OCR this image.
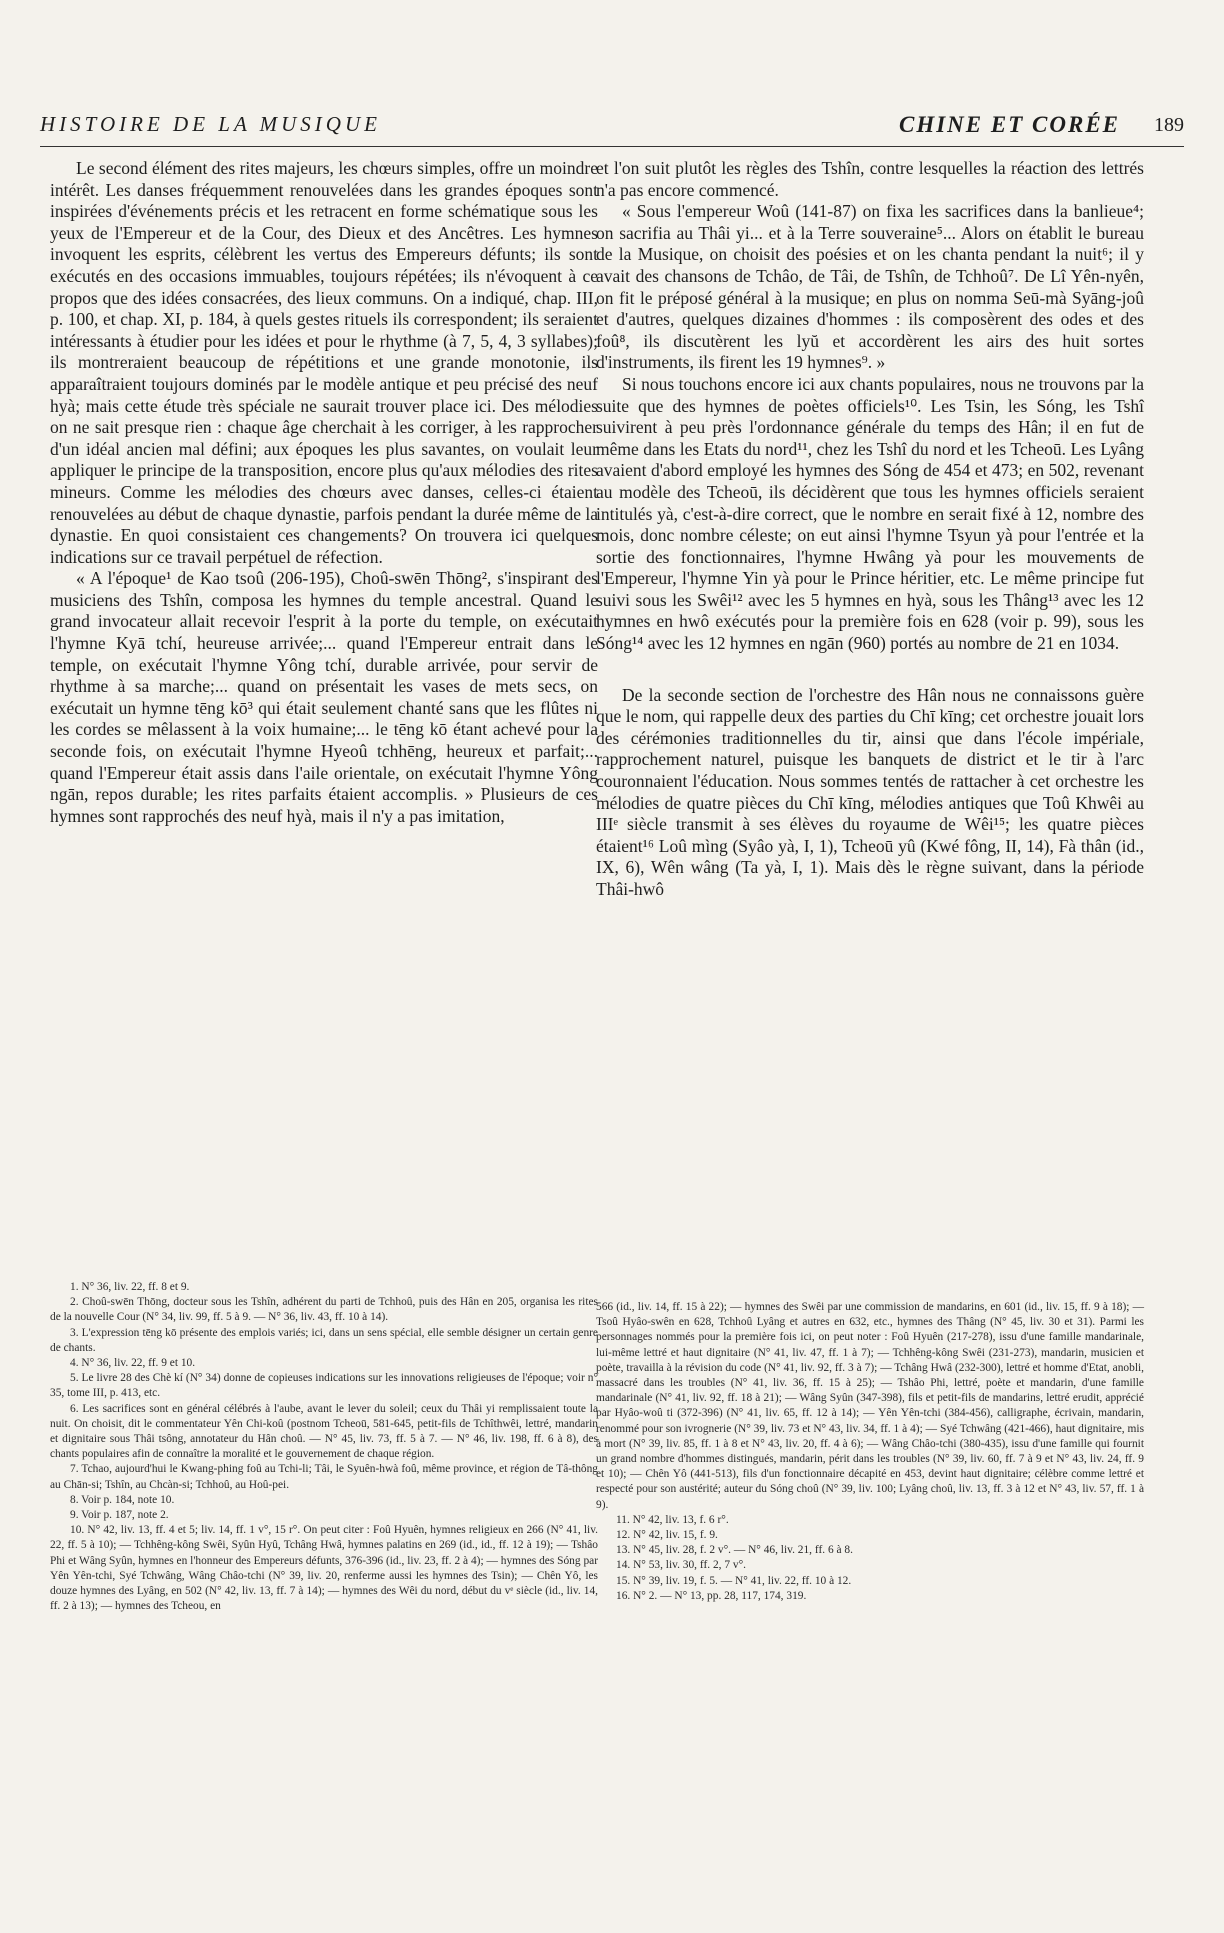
HISTOIRE DE LA MUSIQUE	CHINE ET CORÉE 189

Le second élément des rites majeurs, les chœurs simples, offre un moindre intérêt. Les danses fréquemment renouvelées dans les grandes époques sont inspirées d'événements précis et les retracent en forme schématique sous les yeux de l'Empereur et de la Cour, des Dieux et des Ancêtres. Les hymnes invoquent les esprits, célèbrent les vertus des Empereurs défunts; ils sont exécutés en des occasions immuables, toujours répétées; ils n'évoquent à ce propos que des idées consacrées, des lieux communs. On a indiqué, chap. III, p. 100, et chap. XI, p. 184, à quels gestes rituels ils correspondent; ils seraient intéressants à étudier pour les idées et pour le rhythme (à 7, 5, 4, 3 syllabes); ils montreraient beaucoup de répétitions et une grande monotonie, ils apparaîtraient toujours dominés par le modèle antique et peu précisé des neuf hyà; mais cette étude très spéciale ne saurait trouver place ici. Des mélodies on ne sait presque rien : chaque âge cherchait à les corriger, à les rapprocher d'un idéal ancien mal défini; aux époques les plus savantes, on voulait leur appliquer le principe de la transposition, encore plus qu'aux mélodies des rites mineurs. Comme les mélodies des chœurs avec danses, celles-ci étaient renouvelées au début de chaque dynastie, parfois pendant la durée même de la dynastie. En quoi consistaient ces changements? On trouvera ici quelques indications sur ce travail perpétuel de réfection.

« A l'époque¹ de Kao tsoû (206-195), Choû-swēn Thōng², s'inspirant des musiciens des Tshîn, composa les hymnes du temple ancestral. Quand le grand invocateur allait recevoir l'esprit à la porte du temple, on exécutait l'hymne Kyā tchí, heureuse arrivée;... quand l'Empereur entrait dans le temple, on exécutait l'hymne Yông tchí, durable arrivée, pour servir de rhythme à sa marche;... quand on présentait les vases de mets secs, on exécutait un hymne tēng kō³ qui était seulement chanté sans que les flûtes ni les cordes se mêlassent à la voix humaine;... le tēng kō étant achevé pour la seconde fois, on exécutait l'hymne Hyeoû tchhēng, heureux et parfait;... quand l'Empereur était assis dans l'aile orientale, on exécutait l'hymne Yông ngān, repos durable; les rites parfaits étaient accomplis. » Plusieurs de ces hymnes sont rapprochés des neuf hyà, mais il n'y a pas imitation,

et l'on suit plutôt les règles des Tshîn, contre lesquelles la réaction des lettrés n'a pas encore commencé.

« Sous l'empereur Woû (141-87) on fixa les sacrifices dans la banlieue⁴; on sacrifia au Thâi yi... et à la Terre souveraine⁵... Alors on établit le bureau de la Musique, on choisit des poésies et on les chanta pendant la nuit⁶; il y avait des chansons de Tchâo, de Tâi, de Tshîn, de Tchhoû⁷. De Lî Yên-nyên, on fit le préposé général à la musique; en plus on nomma Seū-mà Syāng-joû et d'autres, quelques dizaines d'hommes : ils composèrent des odes et des foû⁸, ils discutèrent les lyŭ et accordèrent les airs des huit sortes d'instruments, ils firent les 19 hymnes⁹. »

Si nous touchons encore ici aux chants populaires, nous ne trouvons par la suite que des hymnes de poètes officiels¹⁰. Les Tsin, les Sóng, les Tshî suivirent à peu près l'ordonnance générale du temps des Hân; il en fut de même dans les Etats du nord¹¹, chez les Tshî du nord et les Tcheoū. Les Lyâng avaient d'abord employé les hymnes des Sóng de 454 et 473; en 502, revenant au modèle des Tcheoū, ils décidèrent que tous les hymnes officiels seraient intitulés yà, c'est-à-dire correct, que le nombre en serait fixé à 12, nombre des mois, donc nombre céleste; on eut ainsi l'hymne Tsyun yà pour l'entrée et la sortie des fonctionnaires, l'hymne Hwâng yà pour les mouvements de l'Empereur, l'hymne Yin yà pour le Prince héritier, etc. Le même principe fut suivi sous les Swêi¹² avec les 5 hymnes en hyà, sous les Thâng¹³ avec les 12 hymnes en hwô exécutés pour la première fois en 628 (voir p. 99), sous les Sóng¹⁴ avec les 12 hymnes en ngān (960) portés au nombre de 21 en 1034.

De la seconde section de l'orchestre des Hân nous ne connaissons guère que le nom, qui rappelle deux des parties du Chī kīng; cet orchestre jouait lors des cérémonies traditionnelles du tir, ainsi que dans l'école impériale, rapprochement naturel, puisque les banquets de district et le tir à l'arc couronnaient l'éducation. Nous sommes tentés de rattacher à cet orchestre les mélodies de quatre pièces du Chī kīng, mélodies antiques que Toû Khwêi au IIIᵉ siècle transmit à ses élèves du royaume de Wêi¹⁵; les quatre pièces étaient¹⁶ Loû mìng (Syâo yà, I, 1), Tcheoū yû (Kwé fông, II, 14), Fà thân (id., IX, 6), Wên wâng (Ta yà, I, 1). Mais dès le règne suivant, dans la période Thâi-hwô

1. N° 36, liv. 22, ff. 8 et 9.

2. Choû-swēn Thōng, docteur sous les Tshîn, adhérent du parti de Tchhoû, puis des Hân en 205, organisa les rites de la nouvelle Cour (N° 34, liv. 99, ff. 5 à 9. — N° 36, liv. 43, ff. 10 à 14).

3. L'expression tēng kō présente des emplois variés; ici, dans un sens spécial, elle semble désigner un certain genre de chants.

4. N° 36, liv. 22, ff. 9 et 10.

5. Le livre 28 des Chè kí (N° 34) donne de copieuses indications sur les innovations religieuses de l'époque; voir n° 35, tome III, p. 413, etc.

6. Les sacrifices sont en général célébrés à l'aube, avant le lever du soleil; ceux du Thâi yi remplissaient toute la nuit. On choisit, dit le commentateur Yên Chi-koû (postnom Tcheoū, 581-645, petit-fils de Tchîthwêi, lettré, mandarin et dignitaire sous Thâi tsông, annotateur du Hân choû. — N° 45, liv. 73, ff. 5 à 7. — N° 46, liv. 198, ff. 6 à 8), des chants populaires afin de connaître la moralité et le gouvernement de chaque région.

7. Tchao, aujourd'hui le Kwang-phing foû au Tchi-li; Tâi, le Syuên-hwà foû, même province, et région de Tâ-thông au Chān-si; Tshîn, au Chcàn-si; Tchhoû, au Hoû-pei.

8. Voir p. 184, note 10.

9. Voir p. 187, note 2.

10. N° 42, liv. 13, ff. 4 et 5; liv. 14, ff. 1 v°, 15 r°. On peut citer : Foû Hyuên, hymnes religieux en 266 (N° 41, liv. 22, ff. 5 à 10); — Tchhêng-kông Swêi, Syûn Hyû, Tchâng Hwâ, hymnes palatins en 269 (id., id., ff. 12 à 19); — Tshâo Phi et Wâng Syûn, hymnes en l'honneur des Empereurs défunts, 376-396 (id., liv. 23, ff. 2 à 4); — hymnes des Sóng par Yên Yên-tchi, Syé Tchwâng, Wâng Châo-tchi (N° 39, liv. 20, renferme aussi les hymnes des Tsin); — Chên Yô, les douze hymnes des Lyâng, en 502 (N° 42, liv. 13, ff. 7 à 14); — hymnes des Wêi du nord, début du vᵉ siècle (id., liv. 14, ff. 2 à 13); — hymnes des Tcheou, en

566 (id., liv. 14, ff. 15 à 22); — hymnes des Swêi par une commission de mandarins, en 601 (id., liv. 15, ff. 9 à 18); — Tsoû Hyâo-swên en 628, Tchhoû Lyâng et autres en 632, etc., hymnes des Thâng (N° 45, liv. 30 et 31). Parmi les personnages nommés pour la première fois ici, on peut noter : Foû Hyuên (217-278), issu d'une famille mandarinale, lui-même lettré et haut dignitaire (N° 41, liv. 47, ff. 1 à 7); — Tchhêng-kông Swêi (231-273), mandarin, musicien et poète, travailla à la révision du code (N° 41, liv. 92, ff. 3 à 7); — Tchâng Hwâ (232-300), lettré et homme d'Etat, anobli, massacré dans les troubles (N° 41, liv. 36, ff. 15 à 25); — Tshâo Phi, lettré, poète et mandarin, d'une famille mandarinale (N° 41, liv. 92, ff. 18 à 21); — Wâng Syûn (347-398), fils et petit-fils de mandarins, lettré erudit, apprécié par Hyâo-woû ti (372-396) (N° 41, liv. 65, ff. 12 à 14); — Yên Yên-tchi (384-456), calligraphe, écrivain, mandarin, renommé pour son ivrognerie (N° 39, liv. 73 et N° 43, liv. 34, ff. 1 à 4); — Syé Tchwâng (421-466), haut dignitaire, mis à mort (N° 39, liv. 85, ff. 1 à 8 et N° 43, liv. 20, ff. 4 à 6); — Wâng Châo-tchi (380-435), issu d'une famille qui fournit un grand nombre d'hommes distingués, mandarin, périt dans les troubles (N° 39, liv. 60, ff. 7 à 9 et N° 43, liv. 24, ff. 9 et 10); — Chên Yô (441-513), fils d'un fonctionnaire décapité en 453, devint haut dignitaire; célèbre comme lettré et respecté pour son austérité; auteur du Sóng choû (N° 39, liv. 100; Lyâng choû, liv. 13, ff. 3 à 12 et N° 43, liv. 57, ff. 1 à 9).

11. N° 42, liv. 13, f. 6 r°.

12. N° 42, liv. 15, f. 9.

13. N° 45, liv. 28, f. 2 v°. — N° 46, liv. 21, ff. 6 à 8.

14. N° 53, liv. 30, ff. 2, 7 v°.

15. N° 39, liv. 19, f. 5. — N° 41, liv. 22, ff. 10 à 12.

16. N° 2. — N° 13, pp. 28, 117, 174, 319.
